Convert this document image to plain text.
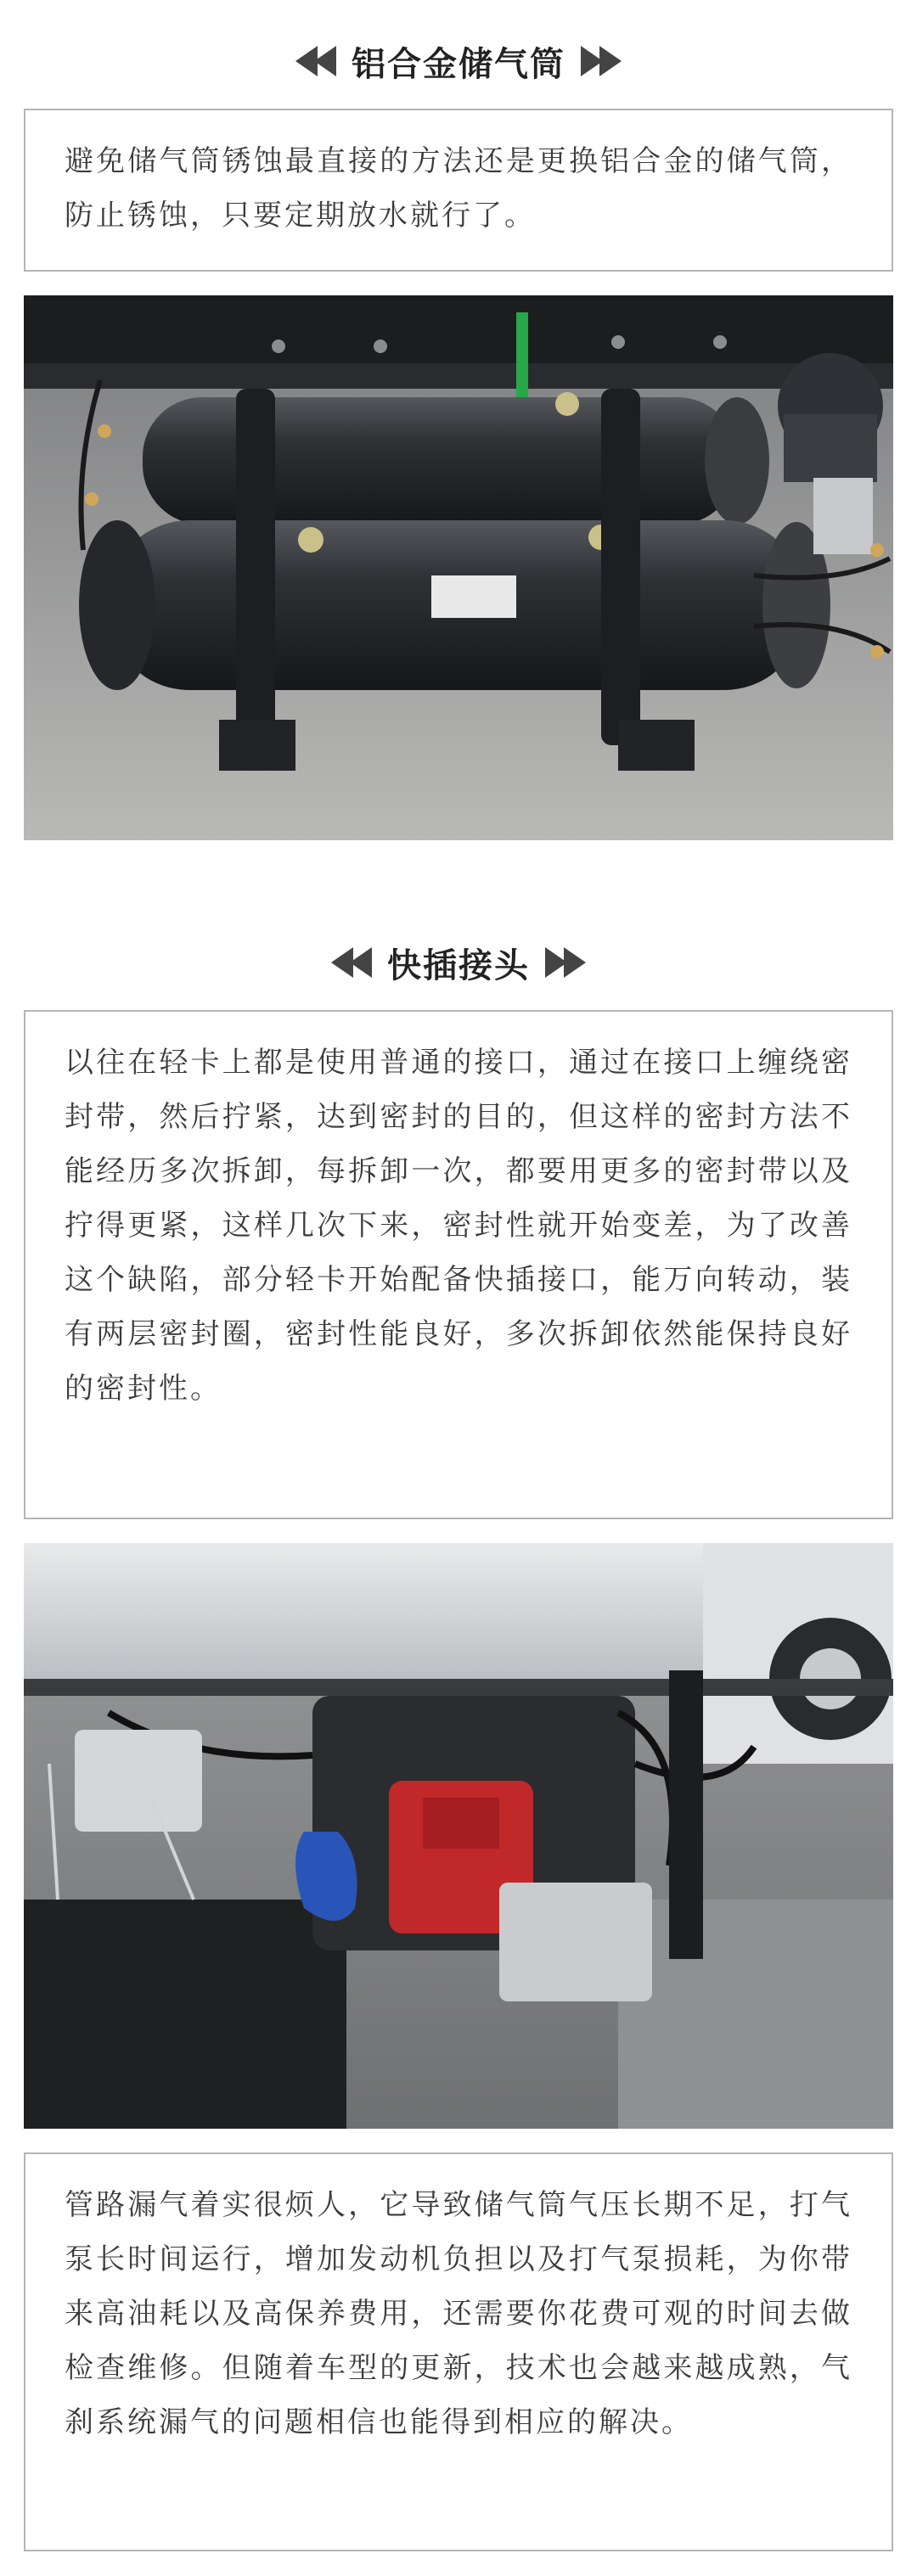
铝合金储气筒

避免储气筒锈蚀最直接的方法还是更换铝合金的储气筒，防止锈蚀，只要定期放水就行了。

快插接头

以往在轻卡上都是使用普通的接口，通过在接口上缠绕密封带，然后拧紧，达到密封的目的，但这样的密封方法不能经历多次拆卸，每拆卸一次，都要用更多的密封带以及拧得更紧，这样几次下来，密封性就开始变差，为了改善这个缺陷，部分轻卡开始配备快插接口，能万向转动，装有两层密封圈，密封性能良好，多次拆卸依然能保持良好的密封性。

管路漏气着实很烦人，它导致储气筒气压长期不足，打气泵长时间运行，增加发动机负担以及打气泵损耗，为你带来高油耗以及高保养费用，还需要你花费可观的时间去做检查维修。但随着车型的更新，技术也会越来越成熟，气刹系统漏气的问题相信也能得到相应的解决。
